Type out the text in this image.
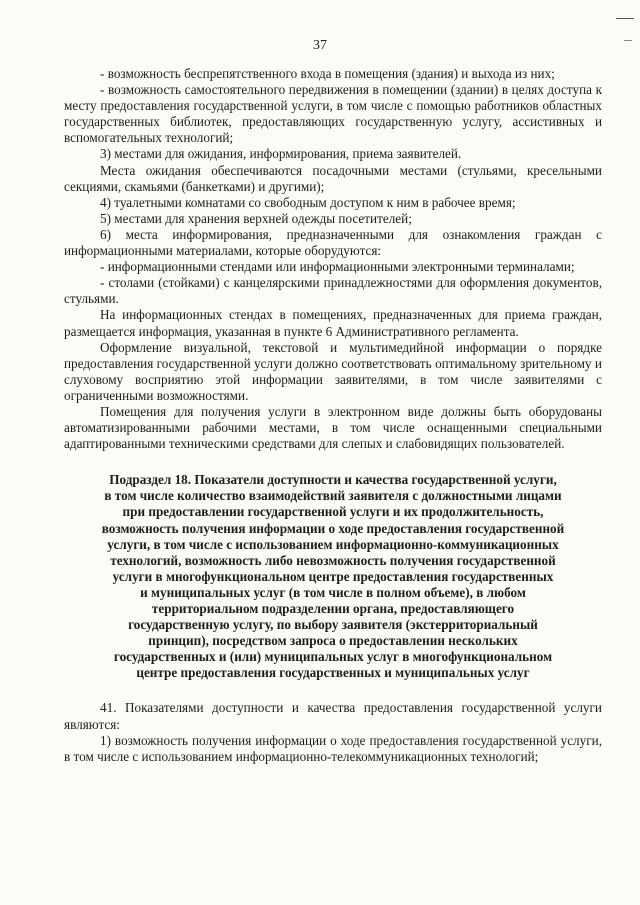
37

- возможность беспрепятственного входа в помещения (здания) и выхода из них;

- возможность самостоятельного передвижения в помещении (здании) в целях доступа к месту предоставления государственной услуги, в том числе с помощью работников областных государственных библиотек, предоставляющих государственную услугу, ассистивных и вспомогательных технологий;

3) местами для ожидания, информирования, приема заявителей.

Места ожидания обеспечиваются посадочными местами (стульями, кресельными секциями, скамьями (банкетками) и другими);

4) туалетными комнатами со свободным доступом к ним в рабочее время;

5) местами для хранения верхней одежды посетителей;

6) места информирования, предназначенными для ознакомления граждан с информационными материалами, которые оборудуются:

- информационными стендами или информационными электронными терминалами;

- столами (стойками) с канцелярскими принадлежностями для оформления документов, стульями.

На информационных стендах в помещениях, предназначенных для приема граждан, размещается информация, указанная в пункте 6 Административного регламента.

Оформление визуальной, текстовой и мультимедийной информации о порядке предоставления государственной услуги должно соответствовать оптимальному зрительному и слуховому восприятию этой информации заявителями, в том числе заявителями с ограниченными возможностями.

Помещения для получения услуги в электронном виде должны быть оборудованы автоматизированными рабочими местами, в том числе оснащенными специальными адаптированными техническими средствами для слепых и слабовидящих пользователей.

Подраздел 18. Показатели доступности и качества государственной услуги,
в том числе количество взаимодействий заявителя с должностными лицами
при предоставлении государственной услуги и их продолжительность,
возможность получения информации о ходе предоставления государственной
услуги, в том числе с использованием информационно-коммуникационных
технологий, возможность либо невозможность получения государственной
услуги в многофункциональном центре предоставления государственных
и муниципальных услуг (в том числе в полном объеме), в любом
территориальном подразделении органа, предоставляющего
государственную услугу, по выбору заявителя (экстерриториальный
принцип), посредством запроса о предоставлении нескольких
государственных и (или) муниципальных услуг в многофункциональном
центре предоставления государственных и муниципальных услуг

41. Показателями доступности и качества предоставления государственной услуги являются:

1) возможность получения информации о ходе предоставления государственной услуги, в том числе с использованием информационно-телекоммуникационных технологий;
